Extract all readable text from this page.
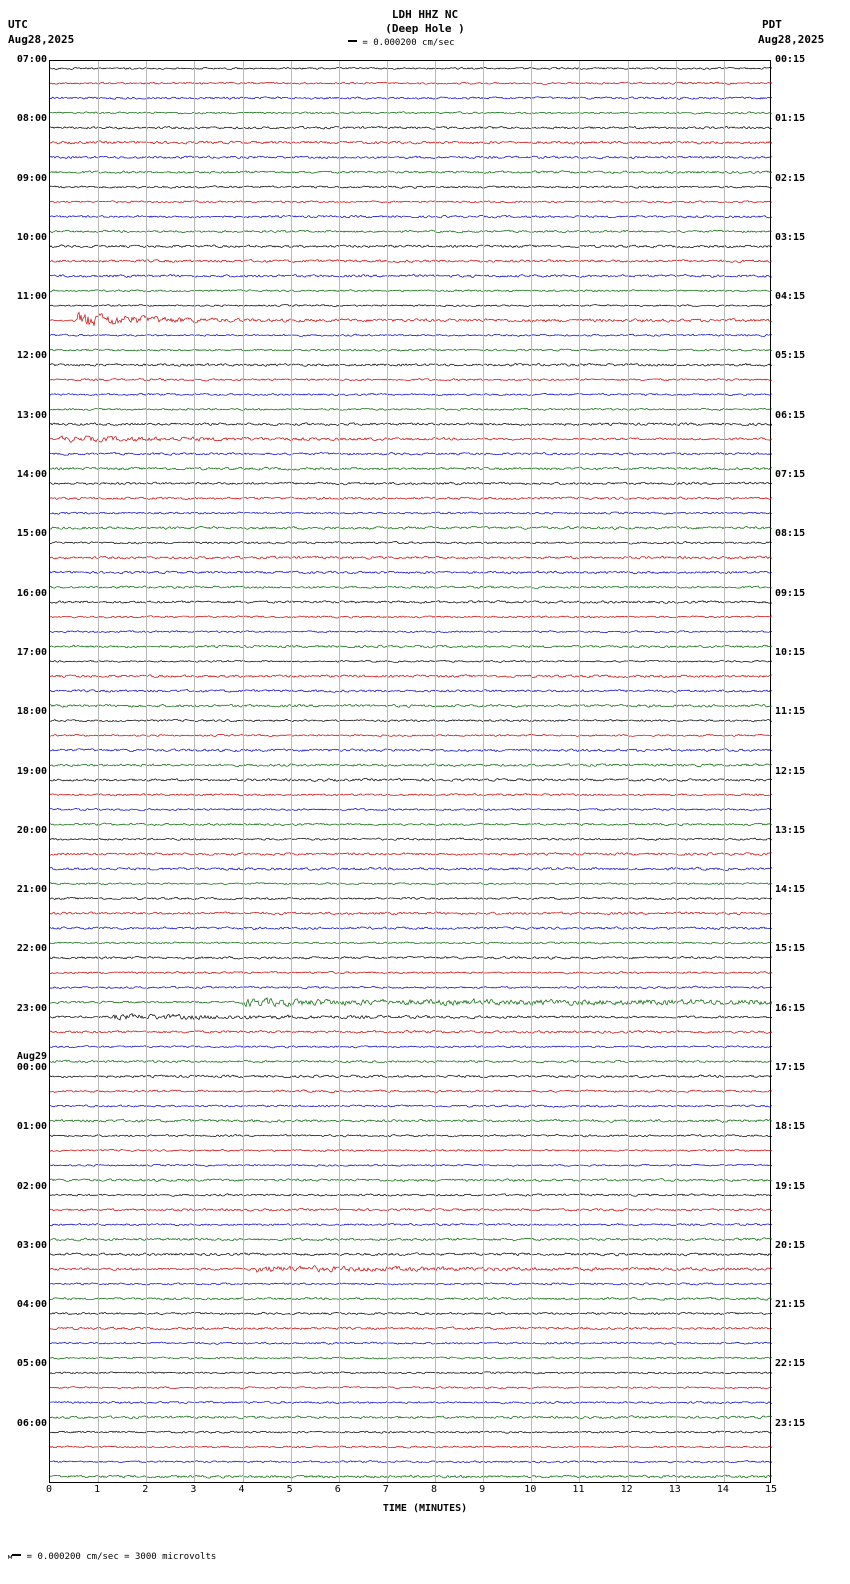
UTC
Aug28,2025
PDT
Aug28,2025
LDH HHZ NC
(Deep Hole )
= 0.000200 cm/sec
07:00
08:00
09:00
10:00
11:00
12:00
13:00
14:00
15:00
16:00
17:00
18:00
19:00
20:00
21:00
22:00
23:00
00:00
01:00
02:00
03:00
04:00
05:00
06:00
Aug29
00:15
01:15
02:15
03:15
04:15
05:15
06:15
07:15
08:15
09:15
10:15
11:15
12:15
13:15
14:15
15:15
16:15
17:15
18:15
19:15
20:15
21:15
22:15
23:15
0	1	2	3	4	5	6	7	8	9	10	11	12	13	14	15
TIME (MINUTES)
м = 0.000200 cm/sec = 3000 microvolts
